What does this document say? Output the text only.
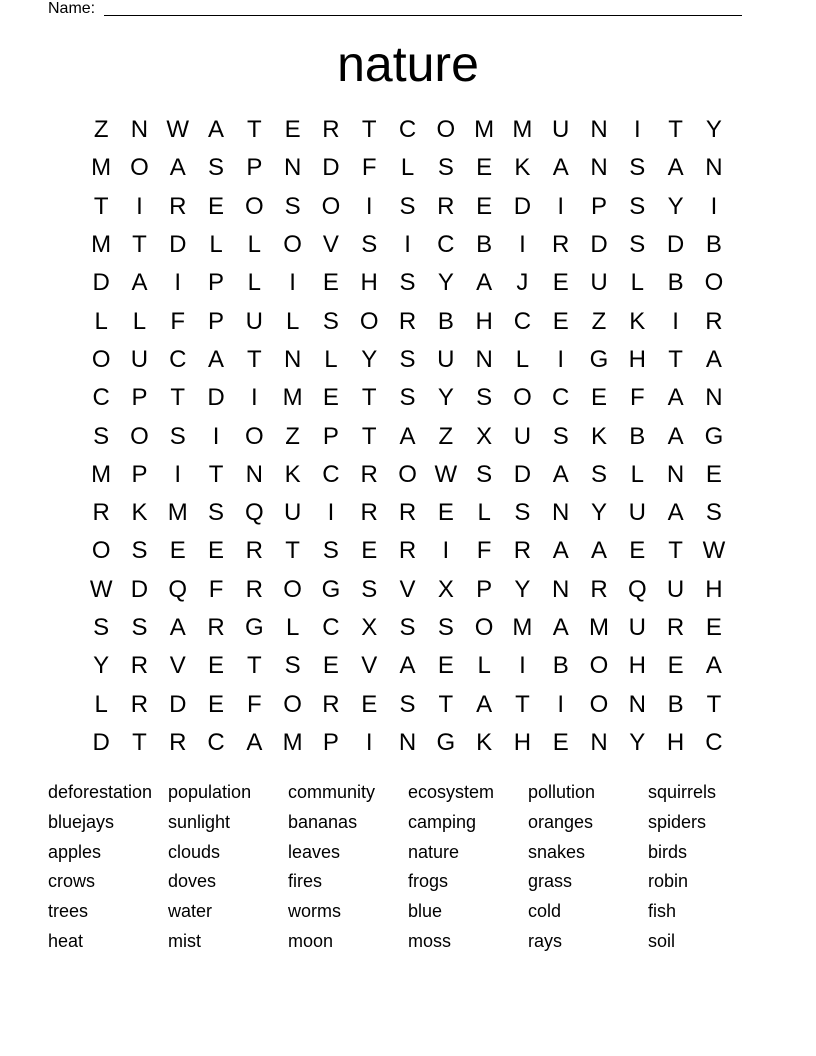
Name:
nature
Z N W A T E R T C O M M U N	I	T Y
M O A S P N D F	L S E K A N S A N
T	I	R E O S O	I	S R E D	I	P S Y	I
M T D L	L O V S	I	C B	I	R D S D B
D A	I	P L	I	E H S Y A	J	E U L B O
L	L	F P U L S O R B H C E Z K	I	R
O U C A T N L Y S U N L	I	G H T A
C P T D	I	M E T S Y S O C E F A N
S O S	I	O Z P T A Z X U S K B A G
M P	I	T N K C R O W S D A S L N E
R K M S Q U	I	R R E L S N Y U A S
O S E E R T S E R	I	F R A A E T W
W D Q F R O G S V X P Y N R Q U H
S S A R G L C X S S O M A M U R E
Y R V E T S E V A E L	I	B O H E A
L R D E F O R E S T A T	I	O N B T
D T R C A M P	I	N G K H E N Y H C
deforestation population	community	ecosystem	pollution	squirrels
bluejays	sunlight	bananas	camping	oranges	spiders
apples	clouds	leaves	nature	snakes	birds
crows	doves	fires	frogs	grass	robin
trees	water	worms	blue	cold	fish
heat	mist	moon	moss	rays	soil
